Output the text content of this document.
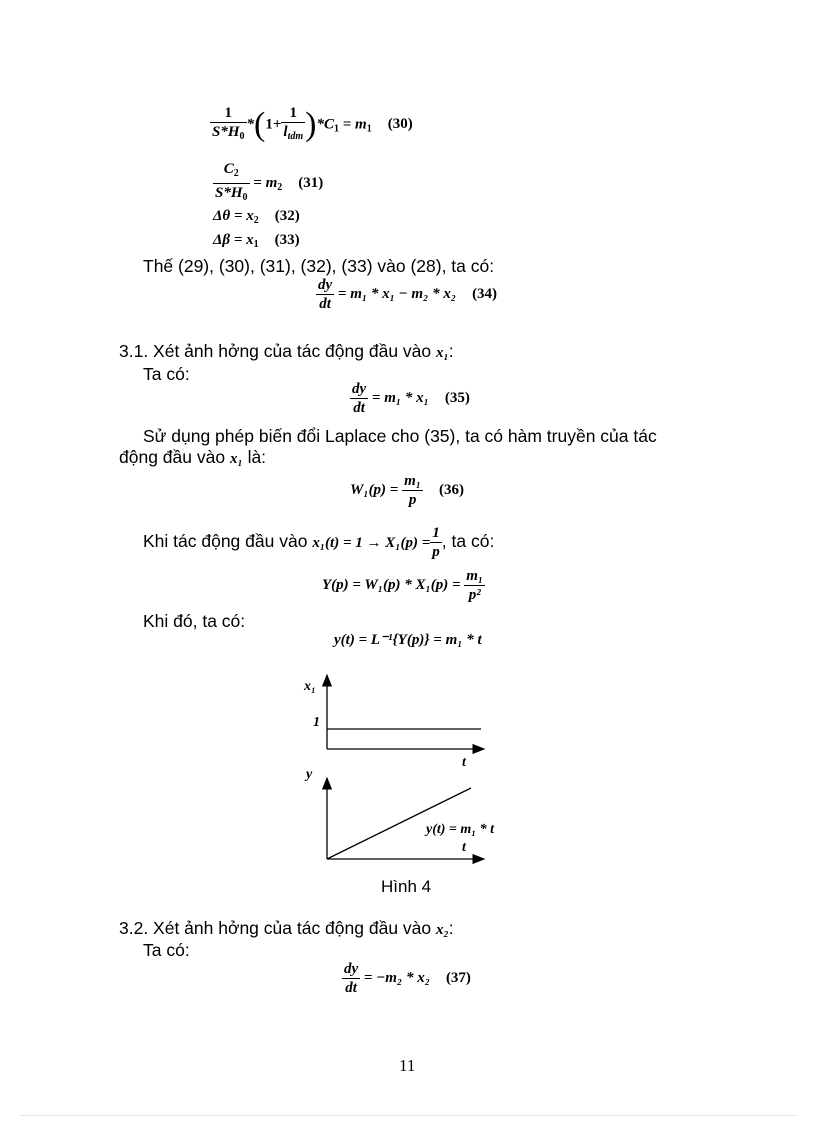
$\frac{1}{S*H_0} *(1+ \frac{1}{l_{tdm}} )*C_1 = m_1$ (30)
$\frac{C_2}{S*H_0} = m_2$ (31)
$\Delta\theta = x_2$ (32)
$\Delta\beta = x_1$ (33)
Thế (29), (30), (31), (32), (33) vào (28), ta có:
$\frac{dy}{dt} = m_1 * x_1 - m_2 * x_2$ (34)
3.1. Xét ảnh hởng của tác động đầu vào x₁:
Ta có:
$\frac{dy}{dt} = m_1 * x_1$ (35)
Sử dụng phép biến đổi Laplace cho (35), ta có hàm truyền của tác
động đầu vào x₁ là:
$W_1(p) = \frac{\text{m₁}}{p} (36)$
Khi tác động đầu vào $x_1(t) = 1 \to X_1(p) = \frac{1}{p}$ , ta có:
$Y(p) = W_1(p) * X_1(p) = \frac{\text{m₁}}{\text{p²}}$
Khi đó, ta có:
y(t) = L⁻¹{Y(p)} = m₁ * t
x₁
1
t
y
y(t) = m₁ * t
t
Hình 4
3.2. Xét ảnh hởng của tác động đầu vào x₂:
Ta có:
$\frac{dy}{dt} = -m_2 * x_2$ (37)
11
